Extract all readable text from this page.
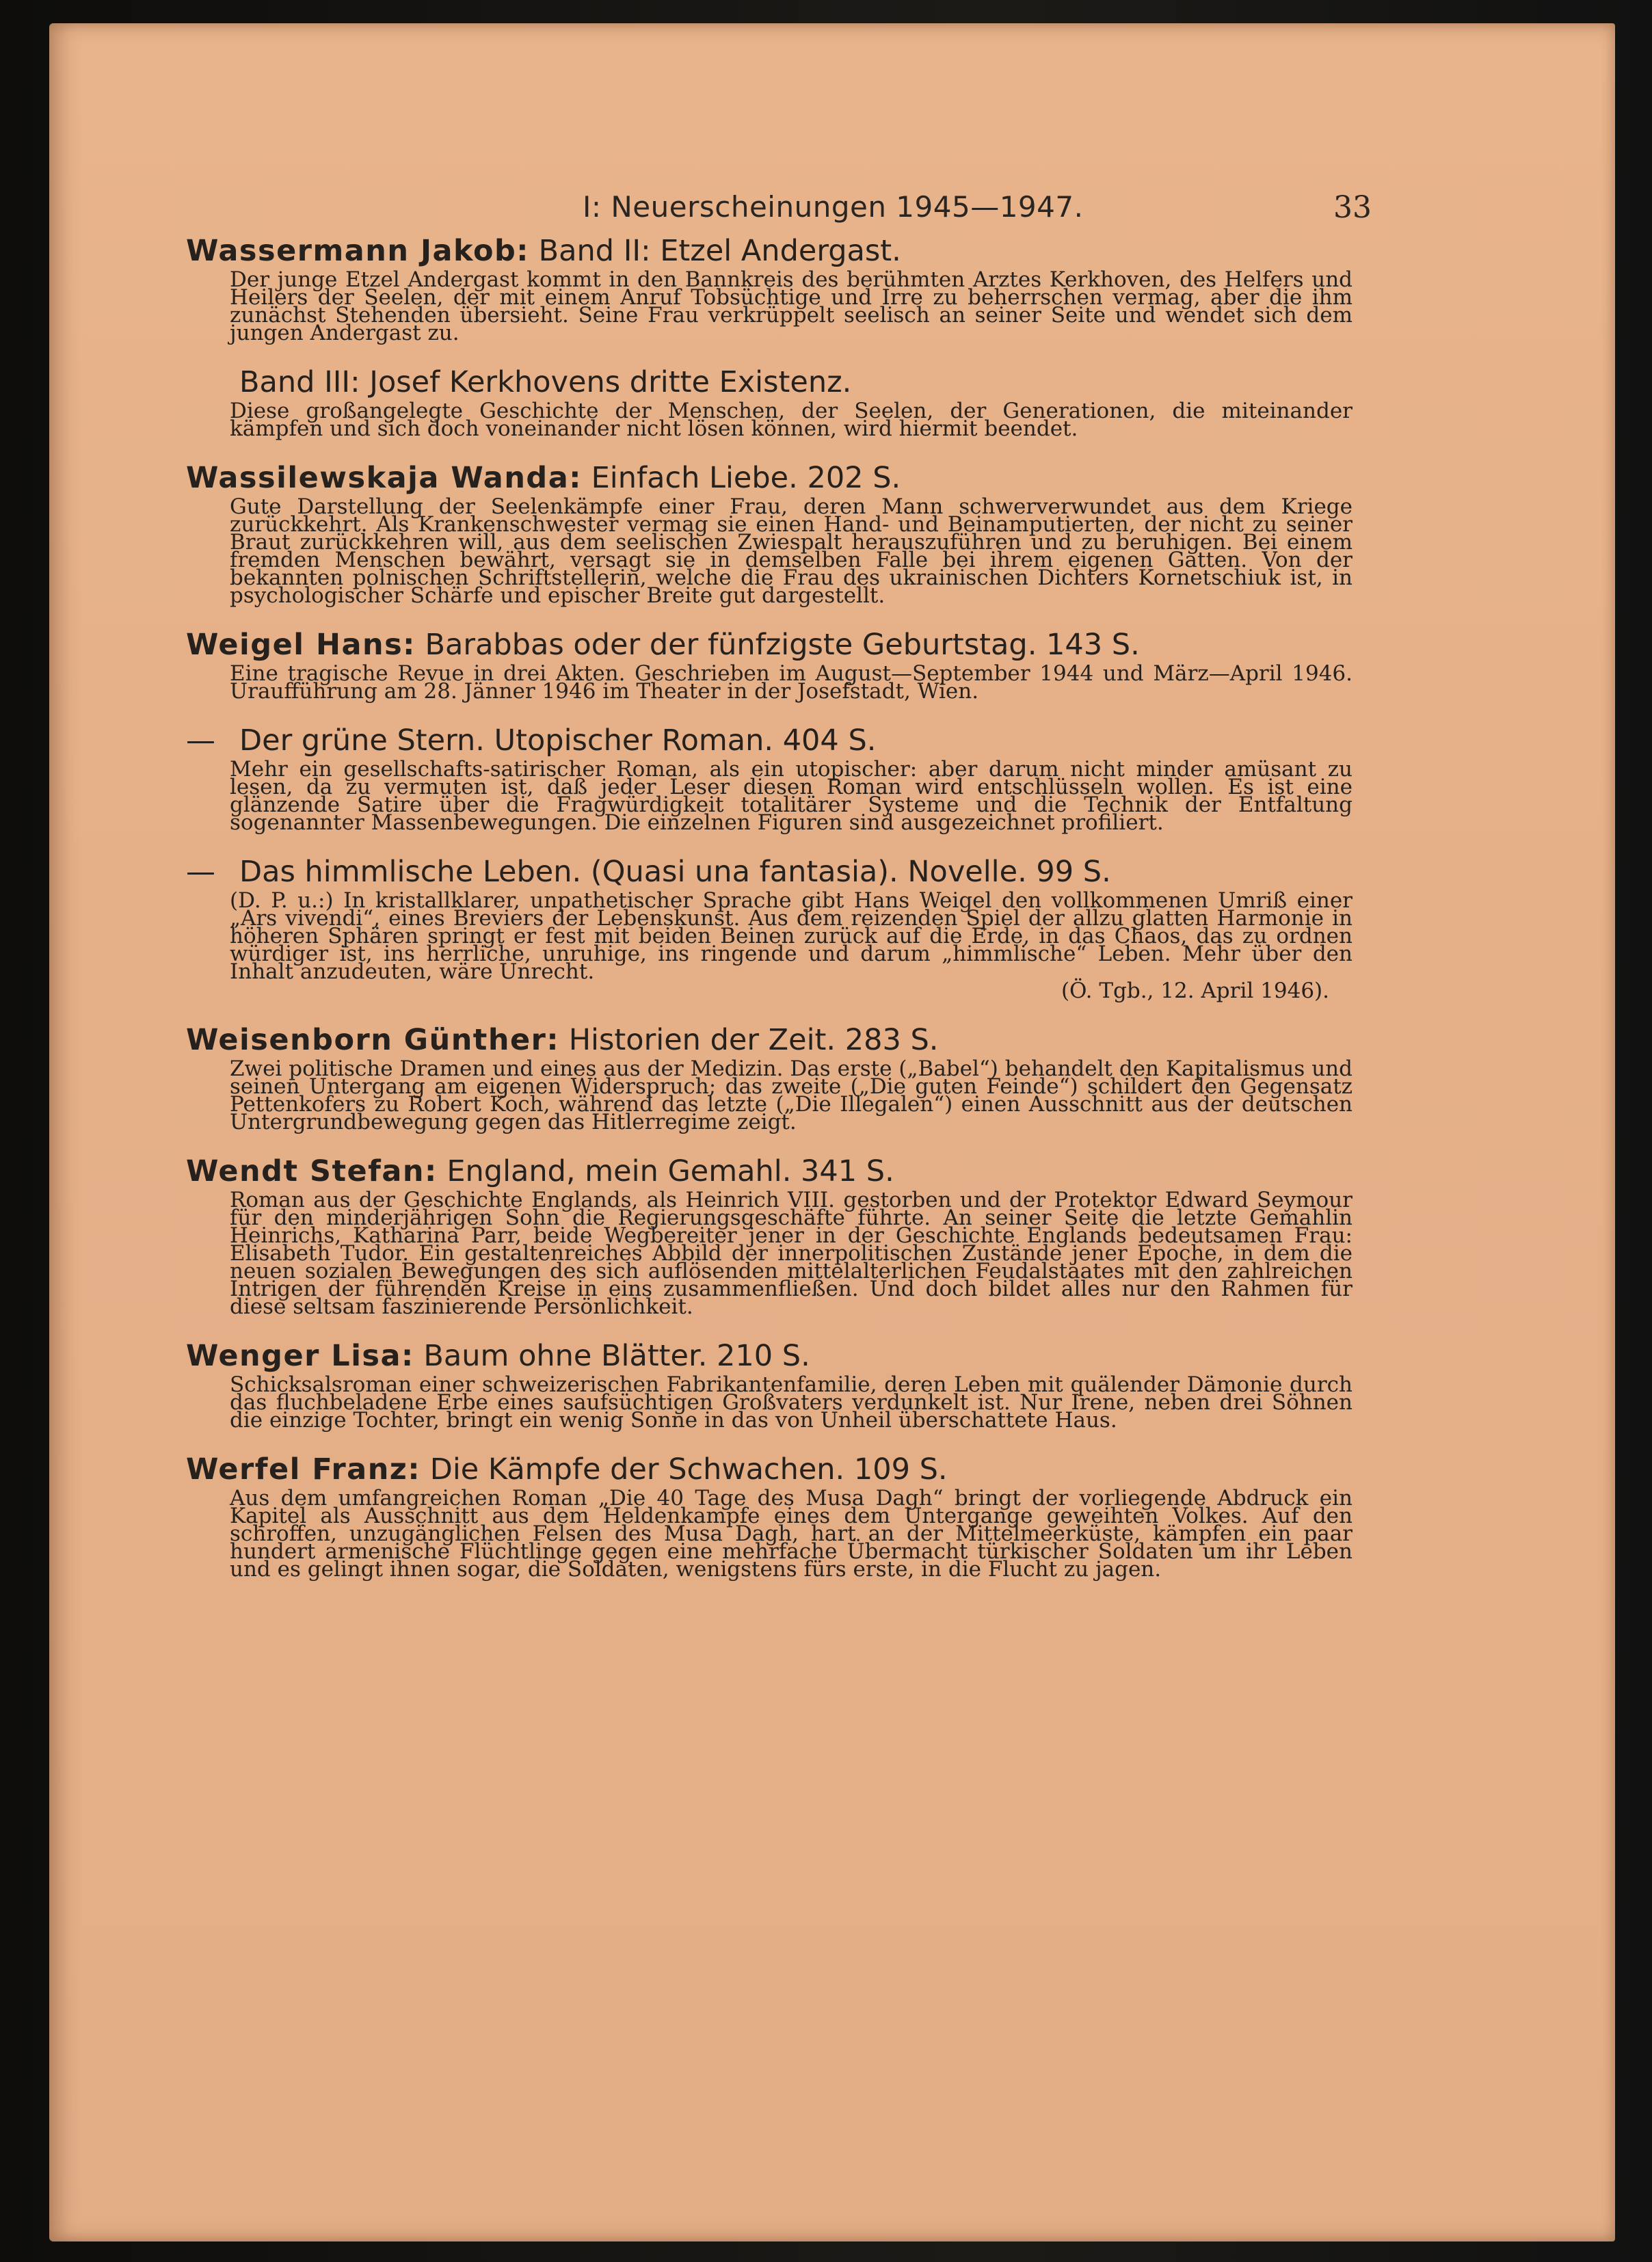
I: Neuerscheinungen 1945—1947.	33
Wassermann Jakob: Band II: Etzel Andergast.
Der junge Etzel Andergast kommt in den Bannkreis des berühmten Arztes Kerkhoven, des Helfers und Heilers der Seelen, der mit einem Anruf Tobsüchtige und Irre zu beherrschen vermag, aber die ihm zunächst Stehenden übersieht. Seine Frau verkrüppelt seelisch an seiner Seite und wendet sich dem jungen Andergast zu.
Band III: Josef Kerkhovens dritte Existenz.
Diese großangelegte Geschichte der Menschen, der Seelen, der Generationen, die miteinander kämpfen und sich doch voneinander nicht lösen können, wird hiermit beendet.
Wassilewskaja Wanda: Einfach Liebe. 202 S.
Gute Darstellung der Seelenkämpfe einer Frau, deren Mann schwerverwundet aus dem Kriege zurückkehrt. Als Krankenschwester vermag sie einen Hand- und Beinamputierten, der nicht zu seiner Braut zurückkehren will, aus dem seelischen Zwiespalt herauszuführen und zu beruhigen. Bei einem fremden Menschen bewährt, versagt sie in demselben Falle bei ihrem eigenen Gatten. Von der bekannten polnischen Schriftstellerin, welche die Frau des ukrainischen Dichters Kornetschiuk ist, in psychologischer Schärfe und epischer Breite gut dargestellt.
Weigel Hans: Barabbas oder der fünfzigste Geburtstag. 143 S.
Eine tragische Revue in drei Akten. Geschrieben im August—September 1944 und März—April 1946. Uraufführung am 28. Jänner 1946 im Theater in der Josefstadt, Wien.
— Der grüne Stern. Utopischer Roman. 404 S.
Mehr ein gesellschafts-satirischer Roman, als ein utopischer: aber darum nicht minder amüsant zu lesen, da zu vermuten ist, daß jeder Leser diesen Roman wird entschlüsseln wollen. Es ist eine glänzende Satire über die Fragwürdigkeit totalitärer Systeme und die Technik der Entfaltung sogenannter Massenbewegungen. Die einzelnen Figuren sind ausgezeichnet profiliert.
— Das himmlische Leben. (Quasi una fantasia). Novelle. 99 S.
(D. P. u.:) In kristallklarer, unpathetischer Sprache gibt Hans Weigel den vollkommenen Umriß einer „Ars vivendi“, eines Breviers der Lebenskunst. Aus dem reizenden Spiel der allzu glatten Harmonie in höheren Sphären springt er fest mit beiden Beinen zurück auf die Erde, in das Chaos, das zu ordnen würdiger ist, ins herrliche, unruhige, ins ringende und darum „himmlische“ Leben. Mehr über den Inhalt anzudeuten, wäre Unrecht.
(Ö. Tgb., 12. April 1946).
Weisenborn Günther: Historien der Zeit. 283 S.
Zwei politische Dramen und eines aus der Medizin. Das erste („Babel“) behandelt den Kapitalismus und seinen Untergang am eigenen Widerspruch; das zweite („Die guten Feinde“) schildert den Gegensatz Pettenkofers zu Robert Koch, während das letzte („Die Illegalen“) einen Ausschnitt aus der deutschen Untergrundbewegung gegen das Hitlerregime zeigt.
Wendt Stefan: England, mein Gemahl. 341 S.
Roman aus der Geschichte Englands, als Heinrich VIII. gestorben und der Protektor Edward Seymour für den minderjährigen Sohn die Regierungsgeschäfte führte. An seiner Seite die letzte Gemahlin Heinrichs, Katharina Parr, beide Wegbereiter jener in der Geschichte Englands bedeutsamen Frau: Elisabeth Tudor. Ein gestaltenreiches Abbild der innerpolitischen Zustände jener Epoche, in dem die neuen sozialen Bewegungen des sich auflösenden mittelalterlichen Feudalstaates mit den zahlreichen Intrigen der führenden Kreise in eins zusammenfließen. Und doch bildet alles nur den Rahmen für diese seltsam faszinierende Persönlichkeit.
Wenger Lisa: Baum ohne Blätter. 210 S.
Schicksalsroman einer schweizerischen Fabrikantenfamilie, deren Leben mit quälender Dämonie durch das fluchbeladene Erbe eines saufsüchtigen Großvaters verdunkelt ist. Nur Irene, neben drei Söhnen die einzige Tochter, bringt ein wenig Sonne in das von Unheil überschattete Haus.
Werfel Franz: Die Kämpfe der Schwachen. 109 S.
Aus dem umfangreichen Roman „Die 40 Tage des Musa Dagh“ bringt der vorliegende Abdruck ein Kapitel als Ausschnitt aus dem Heldenkampfe eines dem Untergange geweihten Volkes. Auf den schroffen, unzugänglichen Felsen des Musa Dagh, hart an der Mittelmeerküste, kämpfen ein paar hundert armenische Flüchtlinge gegen eine mehrfache Übermacht türkischer Soldaten um ihr Leben und es gelingt ihnen sogar, die Soldaten, wenigstens fürs erste, in die Flucht zu jagen.
